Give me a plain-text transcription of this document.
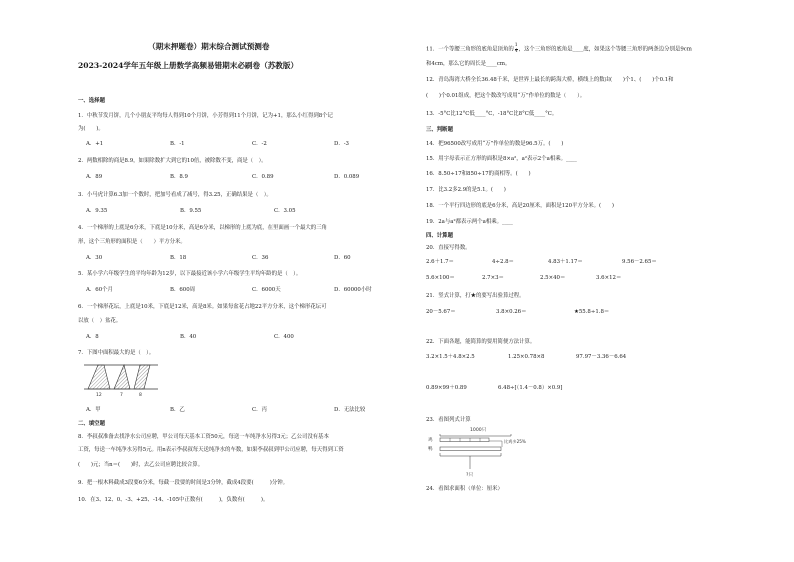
（期末押题卷）期末综合测试预测卷
2023-2024学年五年级上册数学高频易错期末必刷卷（苏教版）
一、选择题
1．中秋节发月饼，几个小朋友平均每人得到10个月饼，小芳得到11个月饼，记为+1，那么小红得到8个记
为(　　)。
A．+1	B．-1	C．-2	D．-3
2．两数相除的商是8.9，如果除数扩大到它的10倍，被除数不变，商是（　）。
A．89	B．8.9	C．0.89	D．0.089
3．小马虎计算6.3加一个数时，把加号看成了减号，得3.25，正确结果是（　）。
A．9.35	B．9.55	C．3.05
4．一个梯形的上底是6分米，下底是10分米，高是6分米，以梯形的上底为底，在里面画一个最大的三角
形，这个三角形的面积是（　　）平方分米。
A．30	B．18	C．36	D．60
5．某小学六年级学生的平均年龄为12岁，以下最接近该小学六年级学生平均年龄的是（　）。
A．60个月	B．600周	C．6000天	D．60000小时
6．一个梯形花坛，上底是10米，下底是12米，高是8米。如果每盆花占地22平方分米，这个梯形花坛可
以放（　）盆花。
A．8	B．40	C．400
7．下图中面积最大的是（　）。
12	7	8
A．甲	B．乙	C．丙	D．无法比较
二、填空题
8．李叔叔准备去找净水公司应聘，甲公司每天基本工资50元，每送一车纯净水另得3元；乙公司没有基本
工资，每送一车纯净水另得5元。用n表示李叔叔每天送纯净水的车数，如果李叔叔到甲公司应聘，每天得到工资
(　　)元；当n＝(　　)时，去乙公司应聘比较合算。
9．把一根木料截成3段要6分米，每截一段要的时间是3分钟，截成4段要(　　　)分钟。
10．在3、12、0、-3、+25、-14、-105中正数有(　　　)，负数有(　　　)。
11．一个等腰三角形的底角是顶角的 $\frac{1}{4}$ ，这个三角形的底角是____度，如果这个等腰三角形的两条边分别是9cm
和4cm，那么它的周长是____cm。
12．青岛海湾大桥全长36.48千米，是世界上最长的跨海大桥，横线上的数由(　　)个1、(　　)个0.1和
(　　)个0.01组成，把这个数改写成用“万”作单位的数是（　　）。
13．-5°C比12°C低____°C，-18°C比8°C低____°C。
三、判断题
14．把96500改写成用“万”作单位的数是96.5万。(　　)
15．用字母表示正方形的面积是8×a²，a²表示2个a相乘。____
16．8.50÷17和850÷17的商相等。(　　)
17．比3.2多2.9的是5.1。(　　)
18．一个平行四边形的底是6分米，高是20厘米，面积是120平方分米。(　　)
19．2a与a²都表示两个a相乘。____
四、计算题
20．直接写得数。
2.6＋1.7＝	4÷2.8＝	4.83＋1.17＝	9.56－2.65＝
5.6×100＝	2.7×3＝	2.5×40＝	3.6×12＝
21．竖式计算，打★的要写出验算过程。
20－5.67＝	3.8×0.26＝	★55.8÷1.8＝
22．下面各题，能简算的要用简便方法计算。
3.2×1.5＋4.8×2.5	1.25×0.78×8	97.97－3.36－6.64
0.89×99＋0.89	6.48÷[（1.4－0.8）×0.9]
23．看图列式计算
1000只
鸡
鸭
比鸡多25%
?只
24．看图求面积（单位：厘米）
